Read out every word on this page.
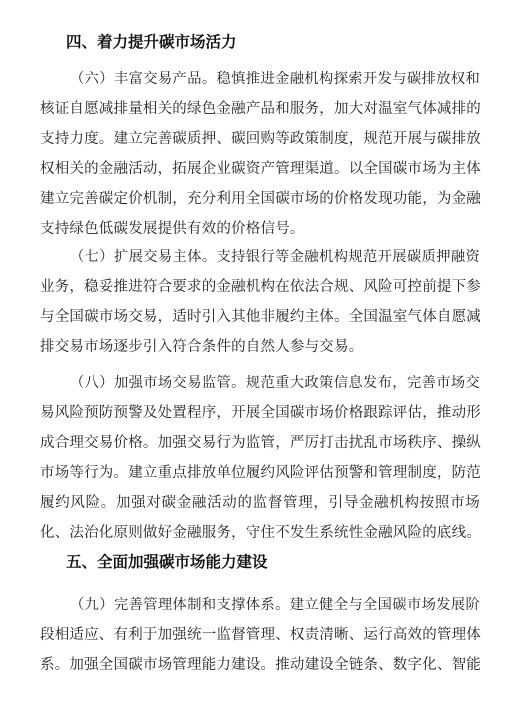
四、着力提升碳市场活力
（六）丰富交易产品。稳慎推进金融机构探索开发与碳排放权和
核证自愿减排量相关的绿色金融产品和服务，加大对温室气体减排的
支持力度。建立完善碳质押、碳回购等政策制度，规范开展与碳排放
权相关的金融活动，拓展企业碳资产管理渠道。以全国碳市场为主体
建立完善碳定价机制，充分利用全国碳市场的价格发现功能，为金融
支持绿色低碳发展提供有效的价格信号。
（七）扩展交易主体。支持银行等金融机构规范开展碳质押融资
业务，稳妥推进符合要求的金融机构在依法合规、风险可控前提下参
与全国碳市场交易，适时引入其他非履约主体。全国温室气体自愿减
排交易市场逐步引入符合条件的自然人参与交易。
（八）加强市场交易监管。规范重大政策信息发布，完善市场交
易风险预防预警及处置程序，开展全国碳市场价格跟踪评估，推动形
成合理交易价格。加强交易行为监管，严厉打击扰乱市场秩序、操纵
市场等行为。建立重点排放单位履约风险评估预警和管理制度，防范
履约风险。加强对碳金融活动的监督管理，引导金融机构按照市场
化、法治化原则做好金融服务，守住不发生系统性金融风险的底线。
五、全面加强碳市场能力建设
（九）完善管理体制和支撑体系。建立健全与全国碳市场发展阶
段相适应、有利于加强统一监督管理、权责清晰、运行高效的管理体
系。加强全国碳市场管理能力建设。推动建设全链条、数字化、智能
